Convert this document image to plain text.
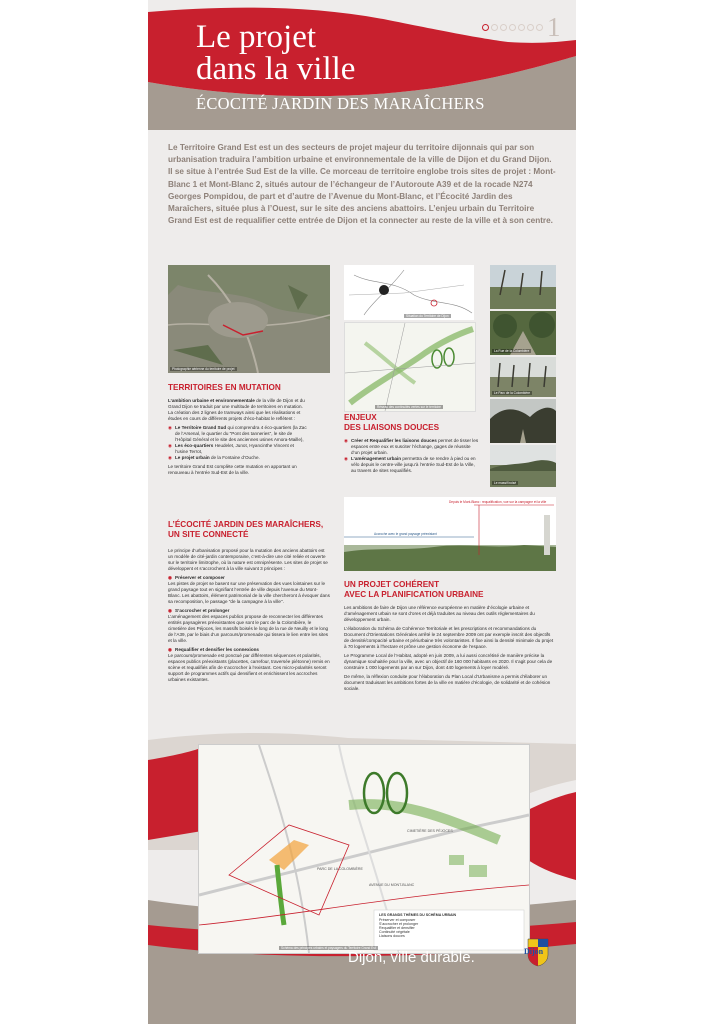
Le projet
dans la ville
ÉCOCITÉ JARDIN DES MARAÎCHERS
1
Le Territoire Grand Est est un des secteurs de projet majeur du territoire dijonnais qui par son urbanisation traduira l’ambition urbaine et environnementale de la ville de Dijon et du Grand Dijon. Il se situe à l’entrée Sud Est de la ville. Ce morceau de territoire englobe trois sites de projet : Mont-Blanc 1 et Mont-Blanc 2, situés autour de l’échangeur de l’Autoroute A39 et de la rocade N274 Georges Pompidou, de part et d’autre de l’Avenue du Mont-Blanc, et l’Écocité Jardin des Maraîchers, située plus à l’Ouest, sur le site des anciens abattoirs. L’enjeu urbain du Territoire Grand Est est de requalifier cette entrée de Dijon et la connecter au reste de la ville et à son centre.
Photographie aérienne du territoire de projet
TERRITOIRES EN MUTATION

L’ambition urbaine et environnementale de la ville de Dijon et du Grand Dijon se traduit par une multitude de territoires en mutation. La création des 2 lignes de tramways ainsi que les réalisations et études en cours de différents projets d’éco-habitat le reflètent :

◉ Le Territoire Grand Sud qui comprendra 4 éco-quartiers (la Zac de l’Arsenal, le quartier du "Pont des tanneries", le site de l’Hôpital Général et le site des anciennes usines Amora-Maille),
◉ Les éco-quartiers Heudelet, Junot, Hyancinthe Vincent et l’usine Terrot,
◉ Le projet urbain de la Fontaine d’Ouche.

Le territoire Grand Est complète cette mutation en apportant un renouveau à l’entrée Sud-Est de la ville.

L’ÉCOCITÉ JARDIN DES MARAÎCHERS,
UN SITE CONNECTÉ

Le principe d’urbanisation proposé pour la mutation des anciens abattoirs est un modèle de cité-jardin contemporaine, c’est-à-dire une cité reliée et ouverte sur le territoire limitrophe, où la nature est omniprésente. Les sites de projet se développent et s’accrochent à la ville suivant 3 principes :

◉ Préserver et composer

Les pistes de projet se basent sur une préservation des vues lointaines sur le grand paysage tout en signifiant l’entrée de ville depuis l’avenue du Mont-Blanc. Les abattoirs, élément patrimonial de la ville chercheront à évoquer dans sa recomposition, le passage "de la campagne à la ville".

◉ S’accrocher et prolonger

L’aménagement des espaces publics propose de reconnecter les différentes entités paysagères préexistantes que sont le parc de la Colombière, le cimetière des Péjoces, les massifs boisés le long de la rue de Neuilly et le long de l’A39, par le biais d’un parcours/promenade qui tissera le lien entre les sites et la ville.

◉ Requalifier et densifier les connexions

Le parcours/promenade est ponctué par différentes séquences et polarités, espaces publics préexistants (placettes, carrefour, traversée piétonne) remis en scène et requalifiés afin de s’accrocher à l’existant. Ces micro-polarités seront support de programmes actifs qui densifient et enrichissent les accroches urbaines existantes.

Situation du Territoire de Dijon
Réseau des continuités vertes sur le territoire
ENJEUX
DES LIAISONS DOUCES
◉ Créer et Requalifier les liaisons douces permet de tisser les espaces entre eux et susciter l’échange, gages de réussite d’un projet urbain.
◉ L’aménagement urbain permettra de se rendre à pied ou en vélo depuis le centre-ville jusqu’à l’entrée Sud-Est de la Ville, au travers de sites requalifiés.
La Rue de la Colombière
Le Parc de la Colombière
Le massif boisé
Depuis le Mont-Blanc : requalification, vue sur la campagne et la ville
Accroche avec le grand paysage préexistant
UN PROJET COHÉRENT
AVEC LA PLANIFICATION URBAINE

Les ambitions de faire de Dijon une référence européenne en matière d’écologie urbaine et d’aménagement urbain se sont d’ores et déjà traduites au niveau des outils réglementaires du développement urbain.

L’élaboration du Schéma de Cohérence Territoriale et les prescriptions et recommandations du Document d’Orientations Générales arrêté le 24 septembre 2009 ont par exemple inscrit des objectifs de densité/compacité urbaine et périurbaine très volontaristes. Il fixe ainsi la densité minimale du projet à 70 logements à l’hectare et prône une gestion économe de l’espace.

Le Programme Local de l’Habitat, adopté en juin 2009, a lui aussi concrétisé de manière précise la dynamique souhaitée pour la ville, avec un objectif de 160 000 habitants en 2020. Il s’agit pour cela de construire 1 000 logements par an sur Dijon, dont 440 logements à loyer modéré.

De même, la réflexion conduite pour l’élaboration du Plan Local d’Urbanisme a permis d’élaborer un document traduisant les ambitions fortes de la ville en matière d’écologie, de solidarité et de cohésion sociale.

CIMETIÈRE DES PÉJOCES
PARC DE LA COLOMBIÈRE
AVENUE DU MONT-BLANC
LES GRANDS THÈMES DU SCHÉMA URBAIN
Préserver et composer
S’accrocher et prolonger
Requalifier et densifier
Continuité végétale
Liaisons douces
Schéma des principes urbains et paysagers du Territoire Grand Est
Dijon, ville durable.	Dijon
